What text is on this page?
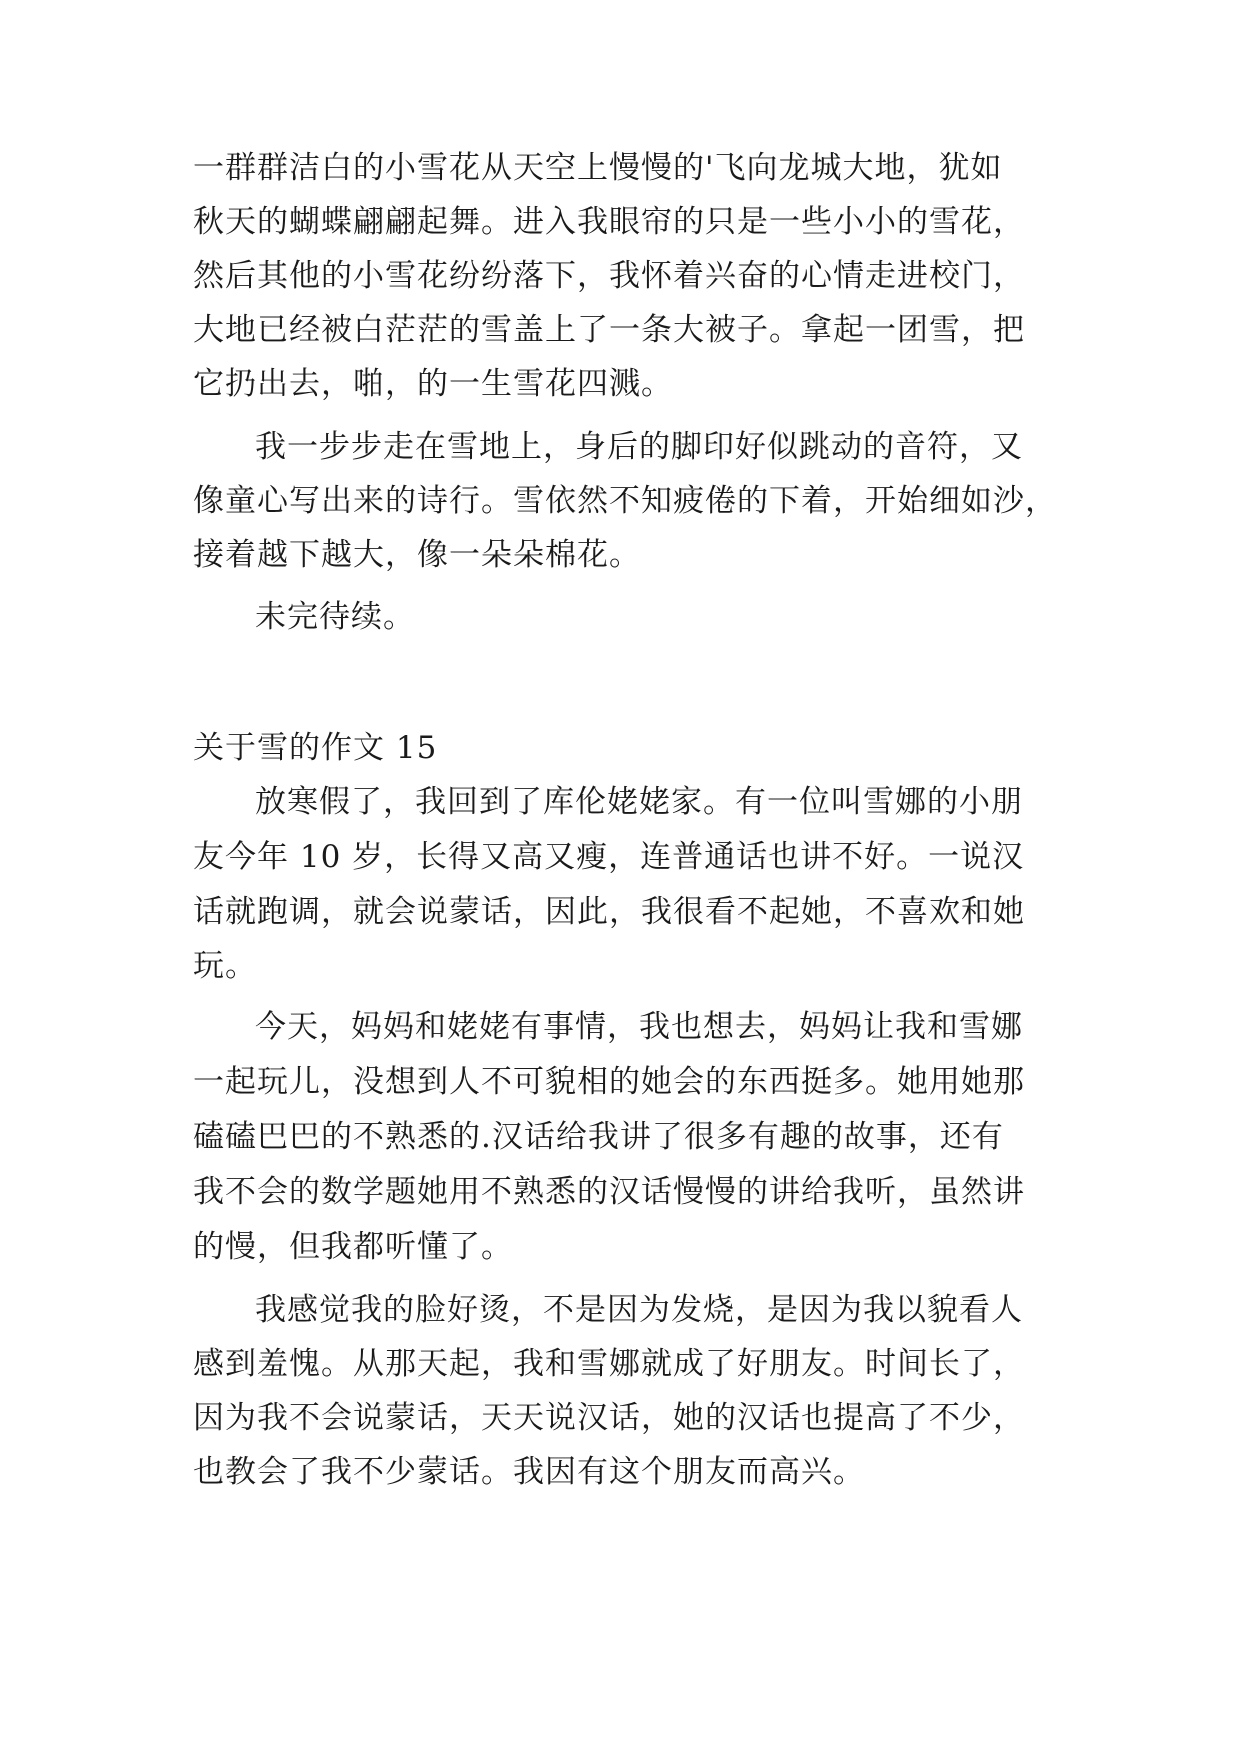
一群群洁白的小雪花从天空上慢慢的'飞向龙城大地，犹如
秋天的蝴蝶翩翩起舞。进入我眼帘的只是一些小小的雪花，
然后其他的小雪花纷纷落下，我怀着兴奋的心情走进校门，
大地已经被白茫茫的雪盖上了一条大被子。拿起一团雪，把
它扔出去，啪，的一生雪花四溅。
我一步步走在雪地上，身后的脚印好似跳动的音符，又
像童心写出来的诗行。雪依然不知疲倦的下着，开始细如沙，
接着越下越大，像一朵朵棉花。
未完待续。
关于雪的作文 15
放寒假了，我回到了库伦姥姥家。有一位叫雪娜的小朋
友今年 10 岁，长得又高又瘦，连普通话也讲不好。一说汉
话就跑调，就会说蒙话，因此，我很看不起她，不喜欢和她
玩。
今天，妈妈和姥姥有事情，我也想去，妈妈让我和雪娜
一起玩儿，没想到人不可貌相的她会的东西挺多。她用她那
磕磕巴巴的不熟悉的.汉话给我讲了很多有趣的故事，还有
我不会的数学题她用不熟悉的汉话慢慢的讲给我听，虽然讲
的慢，但我都听懂了。
我感觉我的脸好烫，不是因为发烧，是因为我以貌看人
感到羞愧。从那天起，我和雪娜就成了好朋友。时间长了，
因为我不会说蒙话，天天说汉话，她的汉话也提高了不少，
也教会了我不少蒙话。我因有这个朋友而高兴。
